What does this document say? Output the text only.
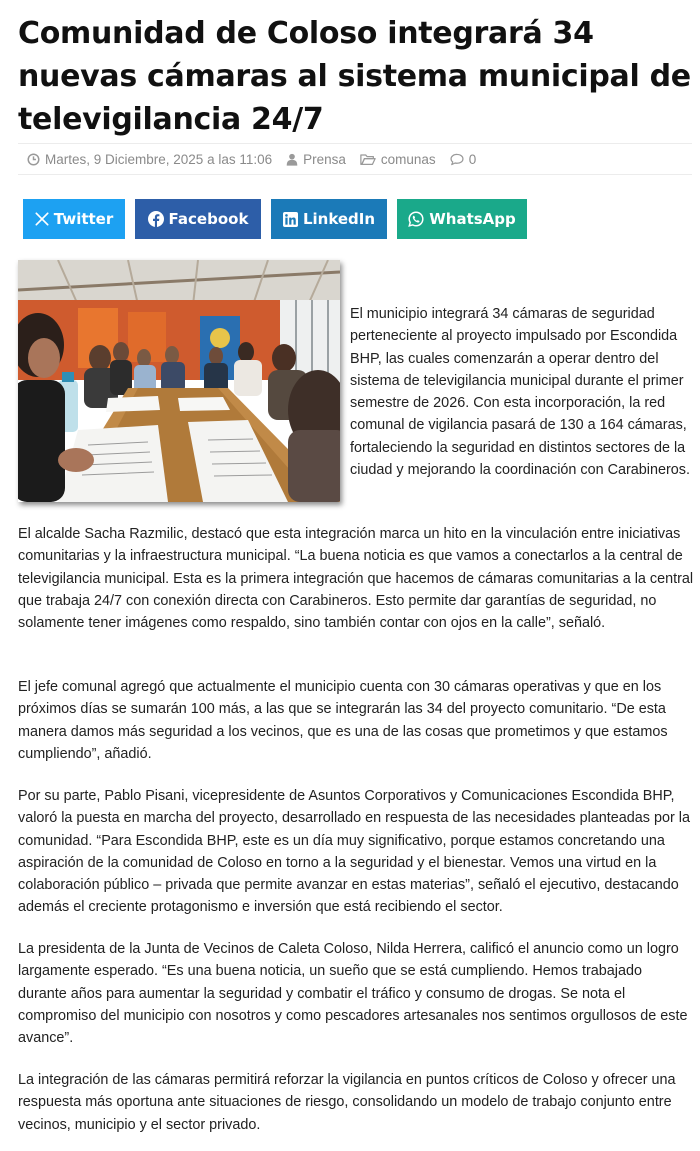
Comunidad de Coloso integrará 34 nuevas cámaras al sistema municipal de televigilancia 24/7
Martes, 9 Diciembre, 2025 a las 11:06 Prensa	comunas 0
Twitter	Facebook	LinkedIn	WhatsApp

El municipio integrará 34 cámaras de seguridad perteneciente al proyecto impulsado por Escondida BHP, las cuales comenzarán a operar dentro del sistema de televigilancia municipal durante el primer semestre de 2026. Con esta incorporación, la red comunal de vigilancia pasará de 130 a 164 cámaras, fortaleciendo la seguridad en distintos sectores de la ciudad y mejorando la coordinación con Carabineros.

El alcalde Sacha Razmilic, destacó que esta integración marca un hito en la vinculación entre iniciativas comunitarias y la infraestructura municipal. “La buena noticia es que vamos a conectarlos a la central de televigilancia municipal. Esta es la primera integración que hacemos de cámaras comunitarias a la central que trabaja 24/7 con conexión directa con Carabineros. Esto permite dar garantías de seguridad, no solamente tener imágenes como respaldo, sino también contar con ojos en la calle”, señaló.

El jefe comunal agregó que actualmente el municipio cuenta con 30 cámaras operativas y que en los próximos días se sumarán 100 más, a las que se integrarán las 34 del proyecto comunitario. “De esta manera damos más seguridad a los vecinos, que es una de las cosas que prometimos y que estamos cumpliendo”, añadió.

Por su parte, Pablo Pisani, vicepresidente de Asuntos Corporativos y Comunicaciones Escondida BHP, valoró la puesta en marcha del proyecto, desarrollado en respuesta de las necesidades planteadas por la comunidad. “Para Escondida BHP, este es un día muy significativo, porque estamos concretando una aspiración de la comunidad de Coloso en torno a la seguridad y el bienestar. Vemos una virtud en la colaboración público – privada que permite avanzar en estas materias”, señaló el ejecutivo, destacando además el creciente protagonismo e inversión que está recibiendo el sector.

La presidenta de la Junta de Vecinos de Caleta Coloso, Nilda Herrera, calificó el anuncio como un logro largamente esperado. “Es una buena noticia, un sueño que se está cumpliendo. Hemos trabajado durante años para aumentar la seguridad y combatir el tráfico y consumo de drogas. Se nota el compromiso del municipio con nosotros y como pescadores artesanales nos sentimos orgullosos de este avance”.

La integración de las cámaras permitirá reforzar la vigilancia en puntos críticos de Coloso y ofrecer una respuesta más oportuna ante situaciones de riesgo, consolidando un modelo de trabajo conjunto entre vecinos, municipio y el sector privado.
